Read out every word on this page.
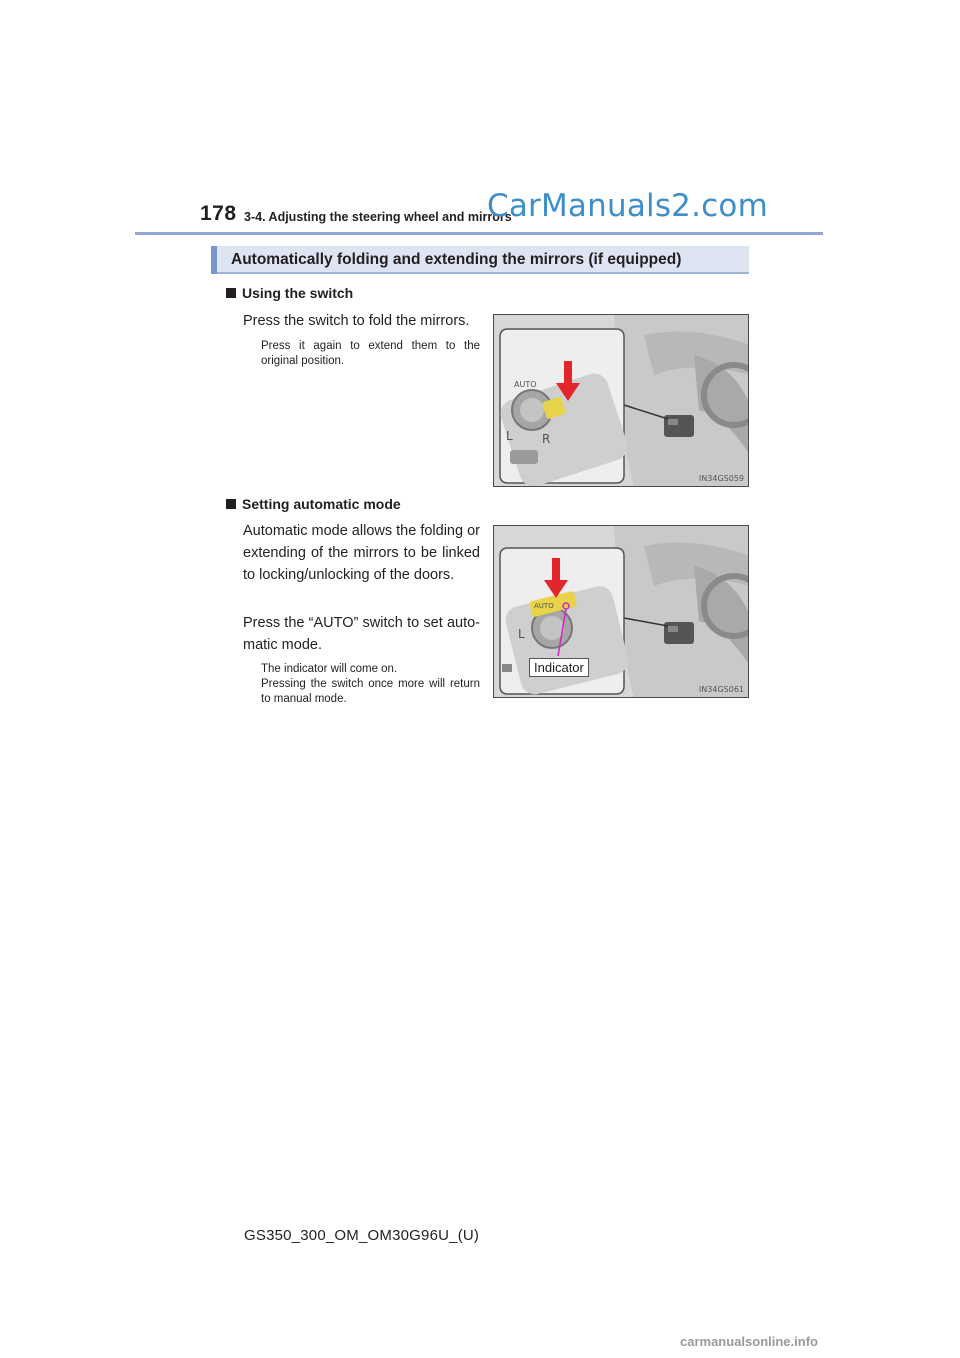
178 3-4. Adjusting the steering wheel and mirrors
CarManuals2.com
Automatically folding and extending the mirrors (if equipped)
Using the switch
Press the switch to fold the mirrors.
Press it again to extend them to the original position.
AUTO
R
L
IN34GS059
Setting automatic mode
Automatic mode allows the folding or extending of the mirrors to be linked to locking/unlocking of the doors.
Press the “AUTO” switch to set auto-matic mode.
The indicator will come on.
Pressing the switch once more will return to manual mode.
L
AUTO
Indicator
IN34GS061
GS350_300_OM_OM30G96U_(U)
carmanualsonline.info
